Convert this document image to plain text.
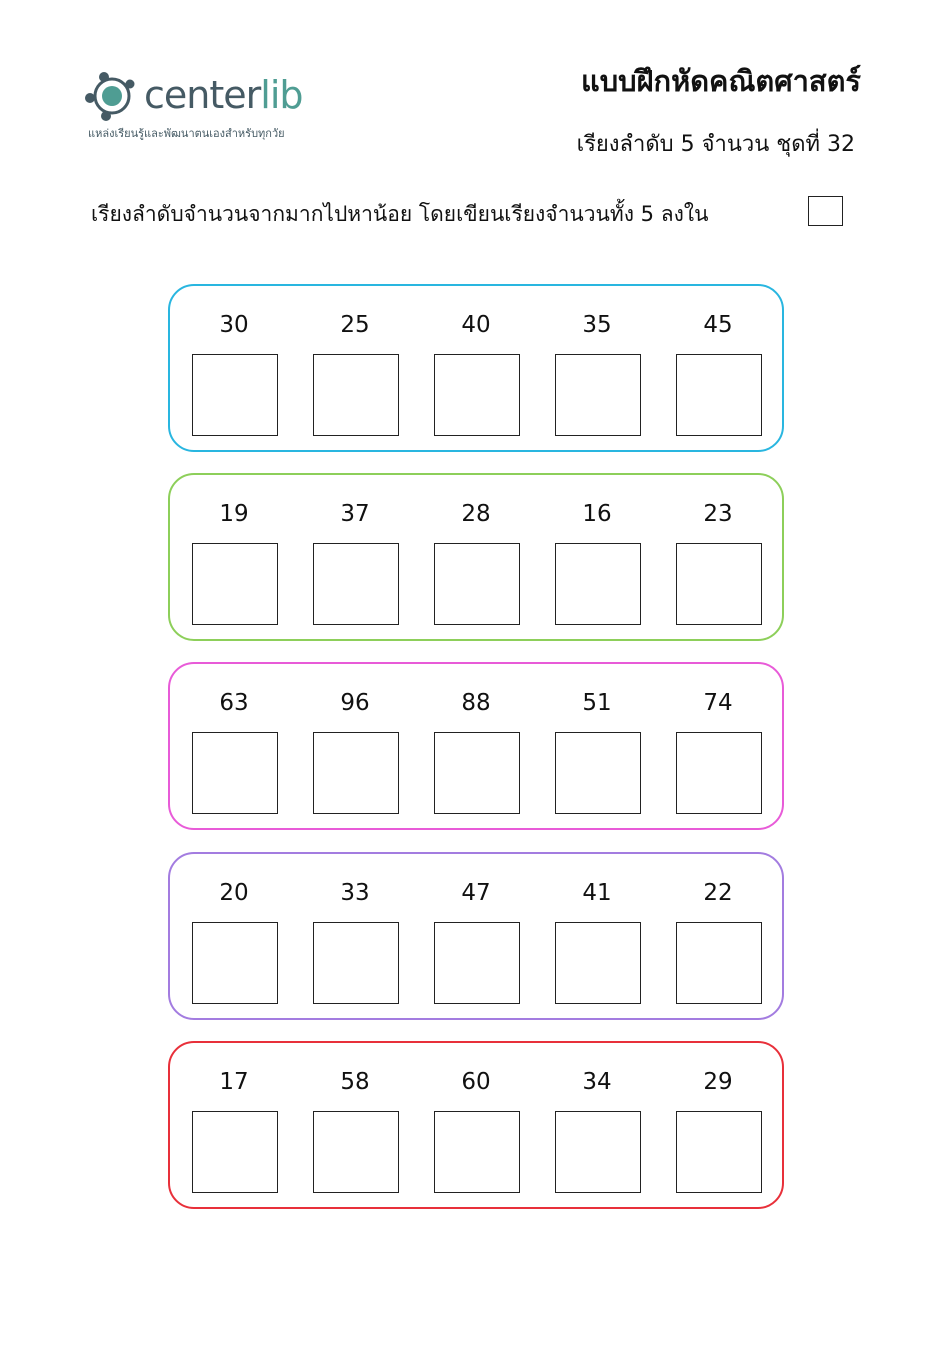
centerlib
แหล่งเรียนรู้และพัฒนาตนเองสำหรับทุกวัย
แบบฝึกหัดคณิตศาสตร์
เรียงลำดับ 5 จำนวน ชุดที่ 32
เรียงลำดับจำนวนจากมากไปหาน้อย โดยเขียนเรียงจำนวนทั้ง 5 ลงใน
30	25	40	35	45
19	37	28	16	23
63	96	88	51	74
20	33	47	41	22
17	58	60	34	29
